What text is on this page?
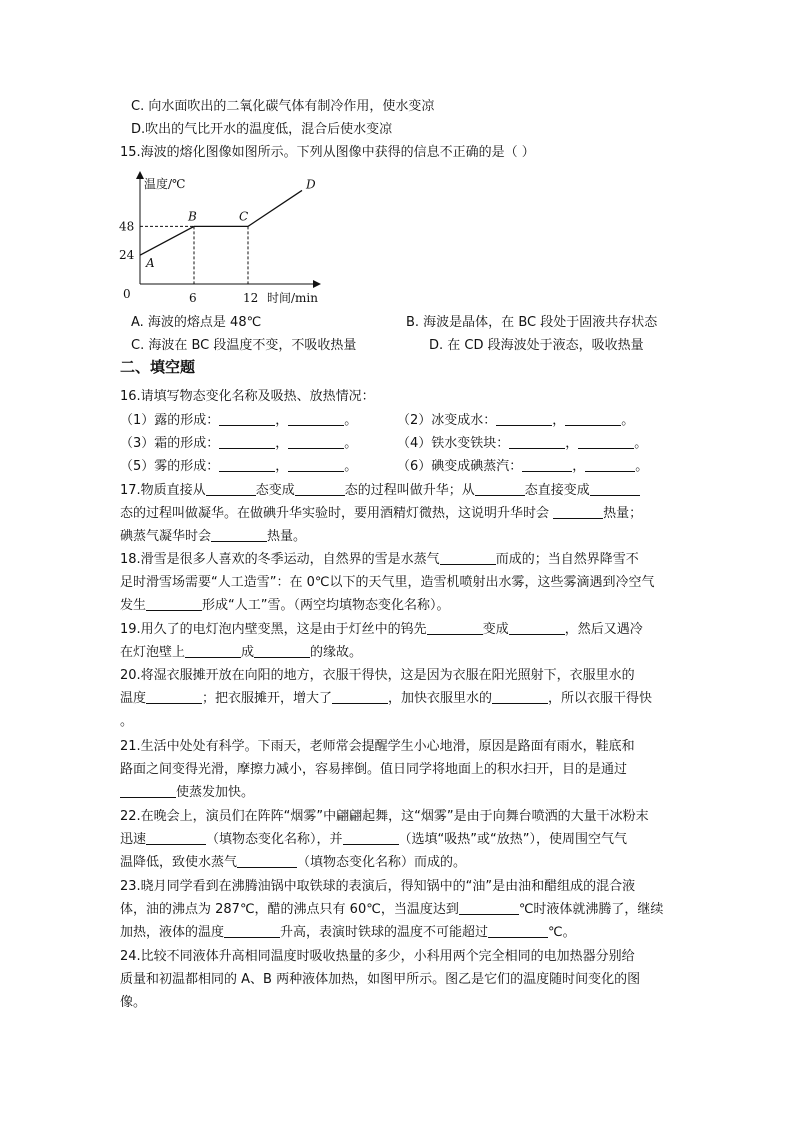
C. 向水面吹出的二氧化碳气体有制冷作用，使水变凉
D.吹出的气比开水的温度低，混合后使水变凉
15.海波的熔化图像如图所示。下列从图像中获得的信息不正确的是（ ）
温度/℃
时间/min
0
A
B	C
D
6	12
24
48
A. 海波的熔点是 48℃	B. 海波是晶体，在 BC 段处于固液共存状态
C. 海波在 BC 段温度不变，不吸收热量	D. 在 CD 段海波处于液态，吸收热量
二、填空题
16.请填写物态变化名称及吸热、放热情况：
（1）露的形成：	，	。	（2）冰变成水：	，	。
（3）霜的形成：	，	。	（4）铁水变铁块：	，	。
（5）雾的形成：	，	。	（6）碘变成碘蒸汽：	，	。
17.物质直接从	态变成	态的过程叫做升华；从	态直接变成
态的过程叫做凝华。在做碘升华实验时，要用酒精灯微热，这说明升华时会	热量；
碘蒸气凝华时会	热量。
18.滑雪是很多人喜欢的冬季运动，自然界的雪是水蒸气	而成的；当自然界降雪不
足时滑雪场需要“人工造雪”：在 0℃以下的天气里，造雪机喷射出水雾，这些雾滴遇到冷空气
发生	形成“人工”雪。（两空均填物态变化名称）。
19.用久了的电灯泡内壁变黑，这是由于灯丝中的钨先	变成	，然后又遇冷
在灯泡壁上	成	的缘故。
20.将湿衣服摊开放在向阳的地方，衣服干得快，这是因为衣服在阳光照射下，衣服里水的
温度	；把衣服摊开，增大了	，加快衣服里水的	，所以衣服干得快
。
21.生活中处处有科学。下雨天，老师常会提醒学生小心地滑，原因是路面有雨水，鞋底和
路面之间变得光滑，摩擦力减小，容易摔倒。值日同学将地面上的积水扫开，目的是通过
使蒸发加快。
22.在晚会上，演员们在阵阵“烟雾”中翩翩起舞，这“烟雾”是由于向舞台喷洒的大量干冰粉末
迅速	（填物态变化名称），并	（选填“吸热”或“放热”），使周围空气气
温降低，致使水蒸气	（填物态变化名称）而成的。
23.晓月同学看到在沸腾油锅中取铁球的表演后，得知锅中的“油”是由油和醋组成的混合液
体，油的沸点为 287℃，醋的沸点只有 60℃，当温度达到	℃时液体就沸腾了，继续
加热，液体的温度	升高，表演时铁球的温度不可能超过	℃。
24.比较不同液体升高相同温度时吸收热量的多少，小科用两个完全相同的电加热器分别给
质量和初温都相同的 A、B 两种液体加热，如图甲所示。图乙是它们的温度随时间变化的图
像。
